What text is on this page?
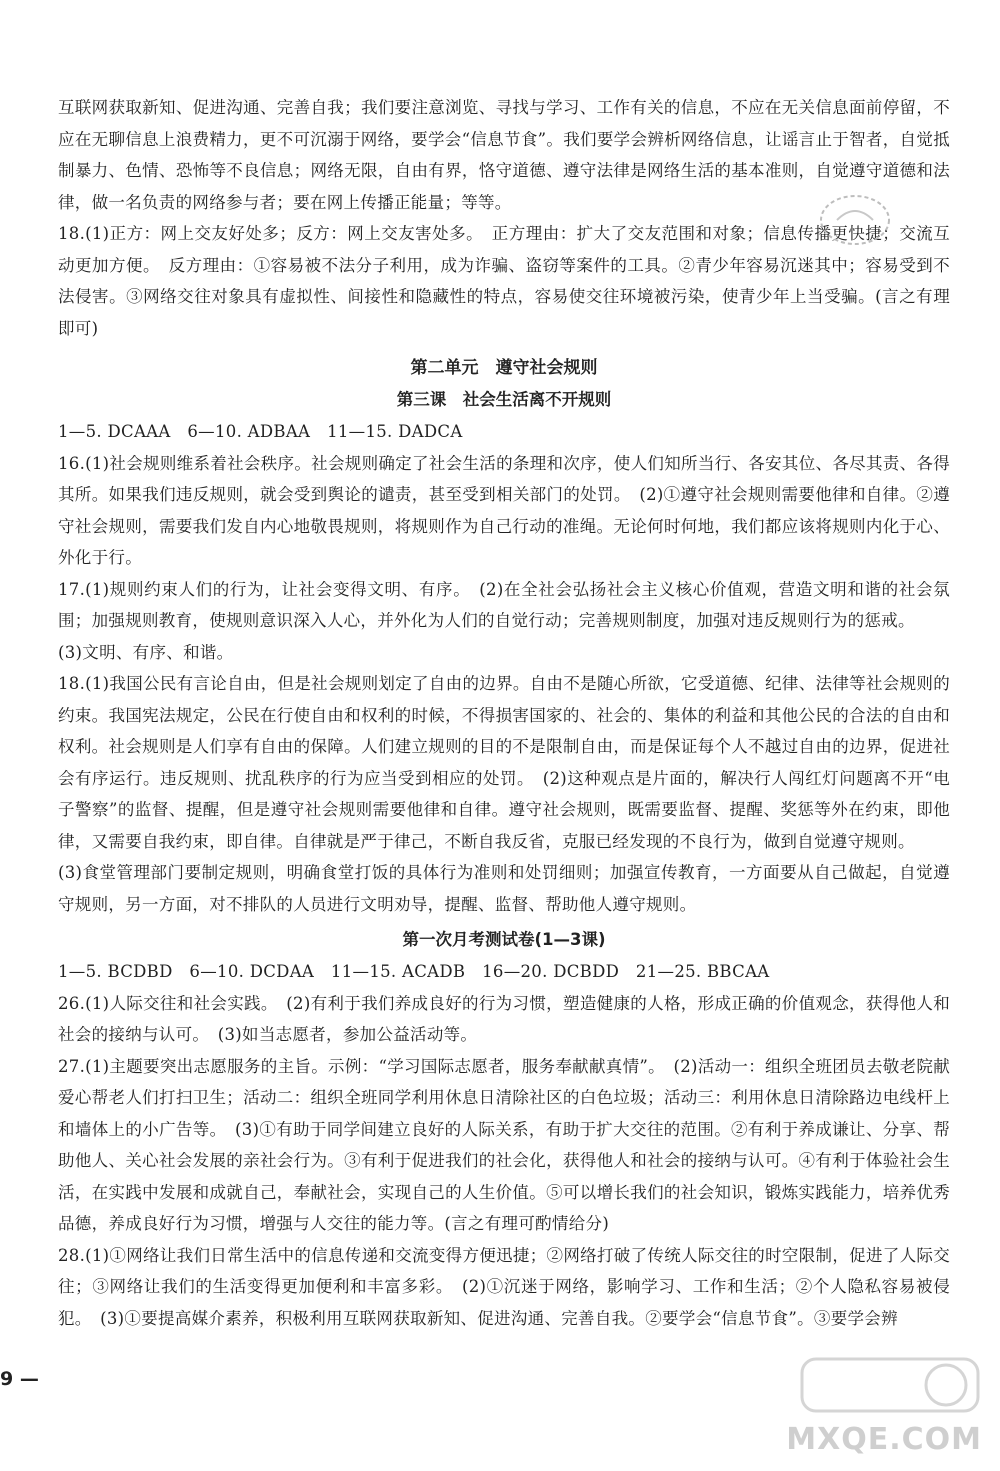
互联网获取新知、促进沟通、完善自我；我们要注意浏览、寻找与学习、工作有关的信息，不应在无关信息面前停留，不应在无聊信息上浪费精力，更不可沉溺于网络，要学会“信息节食”。我们要学会辨析网络信息，让谣言止于智者，自觉抵制暴力、色情、恐怖等不良信息；网络无限，自由有界，恪守道德、遵守法律是网络生活的基本准则，自觉遵守道德和法律，做一名负责的网络参与者；要在网上传播正能量；等等。

18.(1)正方：网上交友好处多；反方：网上交友害处多。　正方理由：扩大了交友范围和对象；信息传播更快捷；交流互动更加方便。　反方理由：①容易被不法分子利用，成为诈骗、盗窃等案件的工具。②青少年容易沉迷其中；容易受到不法侵害。③网络交往对象具有虚拟性、间接性和隐藏性的特点，容易使交往环境被污染，使青少年上当受骗。(言之有理即可)

第二单元　遵守社会规则
第三课　社会生活离不开规则

1—5. DCAAA　6—10. ADBAA　11—15. DADCA

16.(1)社会规则维系着社会秩序。社会规则确定了社会生活的条理和次序，使人们知所当行、各安其位、各尽其责、各得其所。如果我们违反规则，就会受到舆论的谴责，甚至受到相关部门的处罚。　(2)①遵守社会规则需要他律和自律。②遵守社会规则，需要我们发自内心地敬畏规则，将规则作为自己行动的准绳。无论何时何地，我们都应该将规则内化于心、外化于行。

17.(1)规则约束人们的行为，让社会变得文明、有序。　(2)在全社会弘扬社会主义核心价值观，营造文明和谐的社会氛围；加强规则教育，使规则意识深入人心，并外化为人们的自觉行动；完善规则制度，加强对违反规则行为的惩戒。

(3)文明、有序、和谐。

18.(1)我国公民有言论自由，但是社会规则划定了自由的边界。自由不是随心所欲，它受道德、纪律、法律等社会规则的约束。我国宪法规定，公民在行使自由和权利的时候，不得损害国家的、社会的、集体的利益和其他公民的合法的自由和权利。社会规则是人们享有自由的保障。人们建立规则的目的不是限制自由，而是保证每个人不越过自由的边界，促进社会有序运行。违反规则、扰乱秩序的行为应当受到相应的处罚。　(2)这种观点是片面的，解决行人闯红灯问题离不开“电子警察”的监督、提醒，但是遵守社会规则需要他律和自律。遵守社会规则，既需要监督、提醒、奖惩等外在约束，即他律，又需要自我约束，即自律。自律就是严于律己，不断自我反省，克服已经发现的不良行为，做到自觉遵守规则。

(3)食堂管理部门要制定规则，明确食堂打饭的具体行为准则和处罚细则；加强宣传教育，一方面要从自己做起，自觉遵守规则，另一方面，对不排队的人员进行文明劝导，提醒、监督、帮助他人遵守规则。

第一次月考测试卷(1—3课)

1—5. BCDBD　6—10. DCDAA　11—15. ACADB　16—20. DCBDD　21—25. BBCAA

26.(1)人际交往和社会实践。　(2)有利于我们养成良好的行为习惯，塑造健康的人格，形成正确的价值观念，获得他人和社会的接纳与认可。　(3)如当志愿者，参加公益活动等。

27.(1)主题要突出志愿服务的主旨。示例：“学习国际志愿者，服务奉献献真情”。　(2)活动一：组织全班团员去敬老院献爱心帮老人们打扫卫生；活动二：组织全班同学利用休息日清除社区的白色垃圾；活动三：利用休息日清除路边电线杆上和墙体上的小广告等。　(3)①有助于同学间建立良好的人际关系，有助于扩大交往的范围。②有利于养成谦让、分享、帮助他人、关心社会发展的亲社会行为。③有利于促进我们的社会化，获得他人和社会的接纳与认可。④有利于体验社会生活，在实践中发展和成就自己，奉献社会，实现自己的人生价值。⑤可以增长我们的社会知识，锻炼实践能力，培养优秀品德，养成良好行为习惯，增强与人交往的能力等。(言之有理可酌情给分)

28.(1)①网络让我们日常生活中的信息传递和交流变得方便迅捷；②网络打破了传统人际交往的时空限制，促进了人际交往；③网络让我们的生活变得更加便利和丰富多彩。　(2)①沉迷于网络，影响学习、工作和生活；②个人隐私容易被侵犯。　(3)①要提高媒介素养，积极利用互联网获取新知、促进沟通、完善自我。②要学会“信息节食”。③要学会辨

9 —
MXQE.COM
